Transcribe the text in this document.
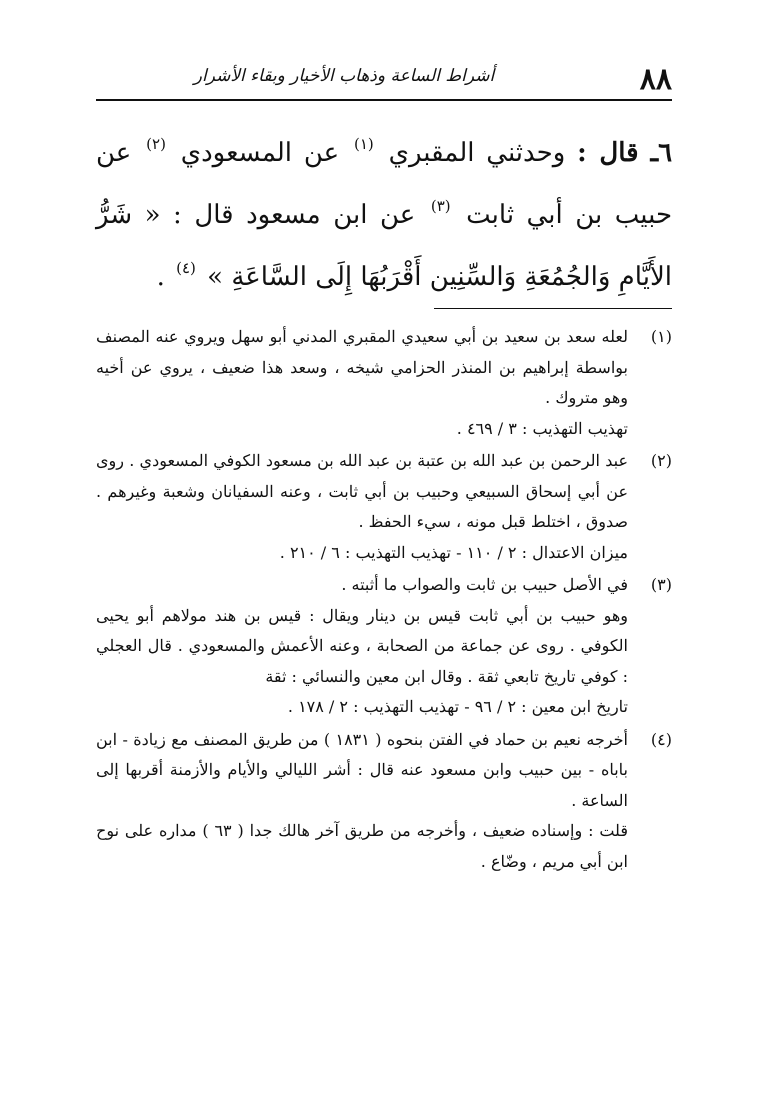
٨٨
أشراط الساعة وذهاب الأخيار وبقاء الأشرار
٦ـ قال : وحدثني المقبري $^{(١)}$ عن المسعودي $^{(٢)}$ عن حبيب بن أبي ثابت $^{(٣)}$ عن ابن مسعود قال : « شَرُّ الأَيَّامِ وَالجُمُعَةِ وَالسِّنِين أَقْرَبُهَا إِلَى السَّاعَةِ » $^{(٤)}$ .
(١)

لعله سعد بن سعيد بن أبي سعيدي المقبري المدني أبو سهل ويروي عنه المصنف بواسطة إبراهيم بن المنذر الحزامي شيخه ، وسعد هذا ضعيف ، يروي عن أخيه وهو متروك .

تهذيب التهذيب : ٣ / ٤٦٩ .

(٢)

عبد الرحمن بن عبد الله بن عتبة بن عبد الله بن مسعود الكوفي المسعودي . روى عن أبي إسحاق السبيعي وحبيب بن أبي ثابت ، وعنه السفيانان وشعبة وغيرهم . صدوق ، اختلط قبل مونه ، سيء الحفظ .

ميزان الاعتدال : ٢ / ١١٠ - تهذيب التهذيب : ٦ / ٢١٠ .

(٣)

في الأصل حبيب بن ثابت والصواب ما أثبته .

وهو حبيب بن أبي ثابت قيس بن دينار ويقال : قيس بن هند مولاهم أبو يحيى الكوفي . روى عن جماعة من الصحابة ، وعنه الأعمش والمسعودي . قال العجلي : كوفي تاريخ تابعي ثقة . وقال ابن معين والنسائي : ثقة

تاريخ ابن معين : ٢ / ٩٦ - تهذيب التهذيب : ٢ / ١٧٨ .

(٤)

أخرجه نعيم بن حماد في الفتن بنحوه ( ١٨٣١ ) من طريق المصنف مع زيادة - ابن باباه - بين حبيب وابن مسعود عنه قال : أشر الليالي والأيام والأزمنة أقربها إلى الساعة .

قلت : وإسناده ضعيف ، وأخرجه من طريق آخر هالك جدا ( ٦٣ ) مداره على نوح ابن أبي مريم ، وضّاع .
